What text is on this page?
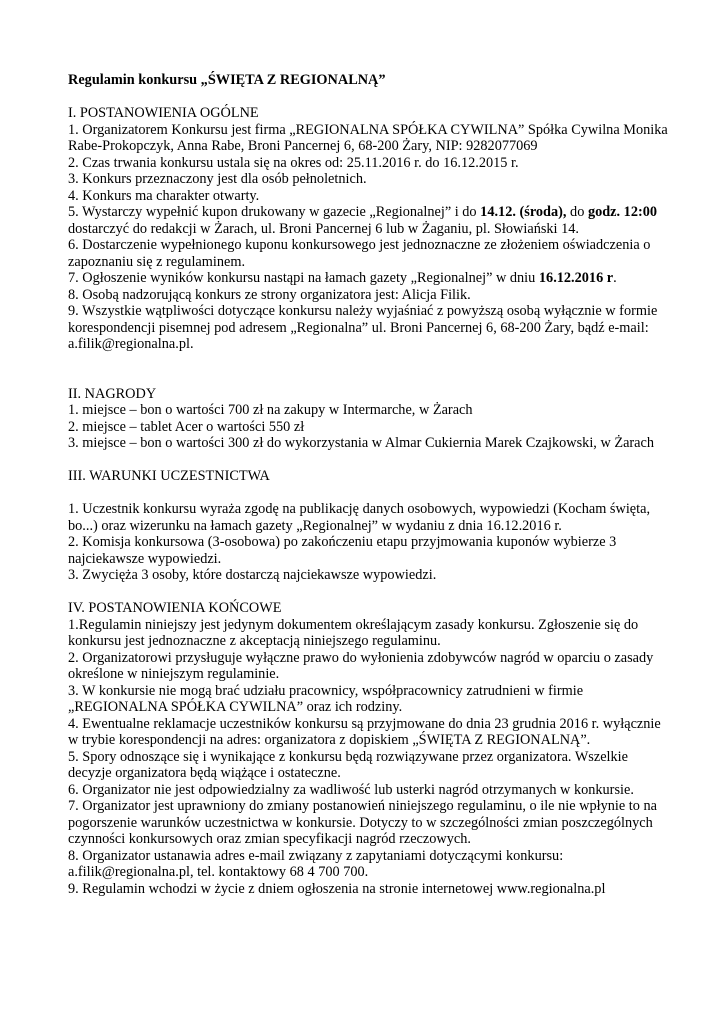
Regulamin konkursu „ŚWIĘTA Z REGIONALNĄ”

I. POSTANOWIENIA OGÓLNE

1. Organizatorem Konkursu jest firma „REGIONALNA SPÓŁKA CYWILNA” Spółka Cywilna Monika Rabe-Prokopczyk, Anna Rabe, Broni Pancernej 6, 68-200 Żary, NIP: 9282077069

2. Czas trwania konkursu ustala się na okres od: 25.11.2016 r. do 16.12.2015 r.

3. Konkurs przeznaczony jest dla osób pełnoletnich.

4. Konkurs ma charakter otwarty.

5. Wystarczy wypełnić kupon drukowany w gazecie „Regionalnej” i do 14.12. (środa), do godz. 12:00 dostarczyć do redakcji w Żarach, ul. Broni Pancernej 6 lub w Żaganiu, pl. Słowiański 14.

6. Dostarczenie wypełnionego kuponu konkursowego jest jednoznaczne ze złożeniem oświadczenia o zapoznaniu się z regulaminem.

7. Ogłoszenie wyników konkursu nastąpi na łamach gazety „Regionalnej” w dniu 16.12.2016 r.

8. Osobą nadzorującą konkurs ze strony organizatora jest: Alicja Filik.

9. Wszystkie wątpliwości dotyczące konkursu należy wyjaśniać z powyższą osobą wyłącznie w formie korespondencji pisemnej pod adresem „Regionalna” ul. Broni Pancernej 6, 68-200 Żary, bądź e-mail: a.filik@regionalna.pl.

II. NAGRODY

1. miejsce – bon o wartości 700 zł na zakupy w Intermarche, w Żarach

2. miejsce – tablet Acer o wartości 550 zł

3. miejsce – bon o wartości 300 zł do wykorzystania w Almar Cukiernia Marek Czajkowski, w Żarach

III. WARUNKI UCZESTNICTWA

1. Uczestnik konkursu wyraża zgodę na publikację danych osobowych, wypowiedzi (Kocham święta, bo...) oraz wizerunku na łamach gazety „Regionalnej” w wydaniu z dnia 16.12.2016 r.

2. Komisja konkursowa (3-osobowa) po zakończeniu etapu przyjmowania kuponów wybierze 3 najciekawsze wypowiedzi.

3. Zwycięża 3 osoby, które dostarczą najciekawsze wypowiedzi.

IV. POSTANOWIENIA KOŃCOWE

1.Regulamin niniejszy jest jedynym dokumentem określającym zasady konkursu. Zgłoszenie się do konkursu jest jednoznaczne z akceptacją niniejszego regulaminu.

2. Organizatorowi przysługuje wyłączne prawo do wyłonienia zdobywców nagród w oparciu o zasady określone w niniejszym regulaminie.

3. W konkursie nie mogą brać udziału pracownicy, współpracownicy zatrudnieni w firmie „REGIONALNA SPÓŁKA CYWILNA” oraz ich rodziny.

4. Ewentualne reklamacje uczestników konkursu są przyjmowane do dnia 23 grudnia 2016 r. wyłącznie w trybie korespondencji na adres: organizatora z dopiskiem „ŚWIĘTA Z REGIONALNĄ”.

5. Spory odnoszące się i wynikające z konkursu będą rozwiązywane przez organizatora. Wszelkie decyzje organizatora będą wiążące i ostateczne.

6. Organizator nie jest odpowiedzialny za wadliwość lub usterki nagród otrzymanych w konkursie.

7. Organizator jest uprawniony do zmiany postanowień niniejszego regulaminu, o ile nie wpłynie to na pogorszenie warunków uczestnictwa w konkursie. Dotyczy to w szczególności zmian poszczególnych czynności konkursowych oraz zmian specyfikacji nagród rzeczowych.

8. Organizator ustanawia adres e-mail związany z zapytaniami dotyczącymi konkursu: a.filik@regionalna.pl, tel. kontaktowy 68 4 700 700.

9. Regulamin wchodzi w życie z dniem ogłoszenia na stronie internetowej www.regionalna.pl
